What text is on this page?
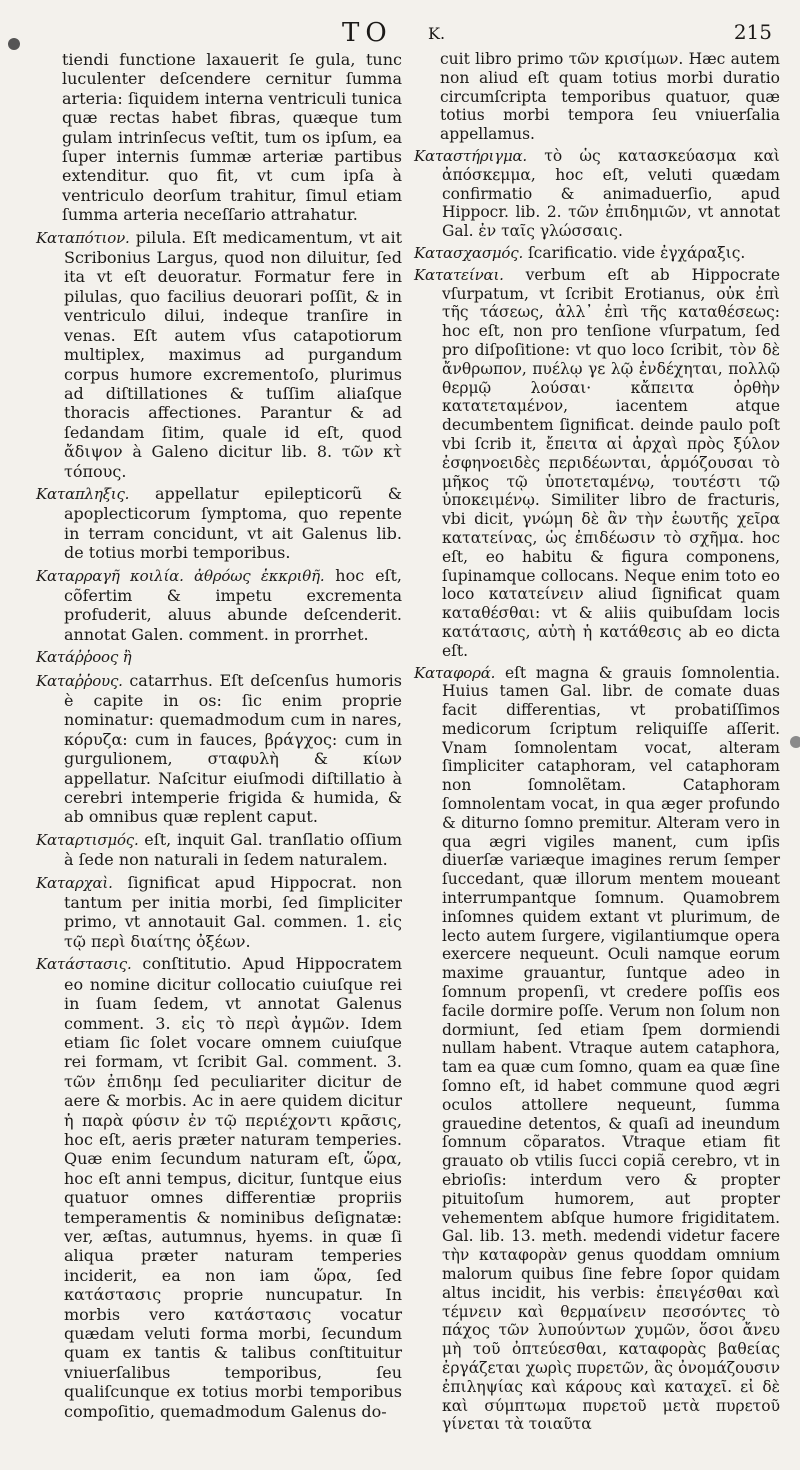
TO K.	215

tiendi functione laxauerit ſe gula, tunc luculenter deſcendere cernitur ſumma arteria: ſiquidem interna ventriculi tunica quæ rectas habet fibras, quæque tum gulam intrinſecus veſtit, tum os ipſum, ea ſuper internis ſummæ arteriæ partibus extenditur. quo fit, vt cum ipſa à ventriculo deorſum trahitur, ſimul etiam ſumma arteria neceſſario attrahatur.

Καταπότιον. pilula. Eſt medicamentum, vt ait Scribonius Largus, quod non diluitur, ſed ita vt eſt deuoratur. Formatur fere in pilulas, quo facilius deuorari poſſit, & in ventriculo dilui, indeque tranſire in venas. Eſt autem vſus catapotiorum multiplex, maximus ad purgandum corpus humore excrementoſo, plurimus ad diſtillationes & tuſſim aliaſque thoracis affectiones. Parantur & ad ſedandam ſitim, quale id eſt, quod ἄδιψον à Galeno dicitur lib. 8. τῶν κτ̀ τόπους.

Καταπληξις. appellatur epilepticorũ & apoplecticorum ſymptoma, quo repente in terram concidunt, vt ait Galenus lib. de totius morbi temporibus.

Καταρραγῆ κοιλία. ἀθρόως ἐκκριθῆ. hoc eſt, cõfertim & impetu excrementa profuderit, aluus abunde deſcenderit. annotat Galen. comment. in prorrhet.

Κατάῤῥοος ἢ

Καταῤῥους. catarrhus. Eſt deſcenſus humoris è capite in os: ſic enim proprie nominatur: quemadmodum cum in nares, κόρυζα: cum in fauces, βράγχος: cum in gurgulionem, σταφυλὴ & κίων appellatur. Naſcitur eiuſmodi diſtillatio à cerebri intemperie frigida & humida, & ab omnibus quæ replent caput.

Καταρτισμός. eſt, inquit Gal. tranſlatio oſſium à ſede non naturali in ſedem naturalem.

Καταρχαὶ. ſignificat apud Hippocrat. non tantum per initia morbi, ſed ſimpliciter primo, vt annotauit Gal. commen. 1. εἰς τῷ περὶ διαίτης ὀξέων.

Κατάστασις. conſtitutio. Apud Hippocratem eo nomine dicitur collocatio cuiuſque rei in ſuam ſedem, vt annotat Galenus comment. 3. εἰς τὸ περὶ ἀγμῶν. Idem etiam ſic ſolet vocare omnem cuiuſque rei formam, vt ſcribit Gal. comment. 3. τῶν ἐπιδημ ſed peculiariter dicitur de aere & morbis. Ac in aere quidem dicitur ἡ παρὰ φύσιν ἐν τῷ περιέχοντι κρᾶσις, hoc eſt, aeris præter naturam temperies. Quæ enim ſecundum naturam eſt, ὥρα, hoc eſt anni tempus, dicitur, ſuntque eius quatuor omnes differentiæ propriis temperamentis & nominibus deſignatæ: ver, æſtas, autumnus, hyems. in quæ ſi aliqua præter naturam temperies inciderit, ea non iam ὥρα, ſed κατάστασις proprie nuncupatur. In morbis vero κατάστασις vocatur quædam veluti forma morbi, ſecundum quam ex tantis & talibus conſtituitur vniuerſalibus temporibus, ſeu qualiſcunque ex totius morbi temporibus compoſitio, quemadmodum Galenus do-

cuit libro primo τῶν κρισίμων. Hæc autem non aliud eſt quam totius morbi duratio circumſcripta temporibus quatuor, quæ totius morbi tempora ſeu vniuerſalia appellamus.

Καταστήριγμα. τὸ ὡς κατασκεύασμα καὶ ἀπόσκεμμα, hoc eſt, veluti quædam confirmatio & animaduerſio, apud Hippocr. lib. 2. τῶν ἐπιδημιῶν, vt annotat Gal. ἐν ταῖς γλώσσαις.

Κατασχασμός. ſcarificatio. vide ἐγχάραξις.

Κατατείναι. verbum eſt ab Hippocrate vſurpatum, vt ſcribit Erotianus, οὐκ ἐπὶ τῆς τάσεως, ἀλλ᾽ ἐπὶ τῆς καταθέσεως: hoc eſt, non pro tenſione vſurpatum, ſed pro diſpoſitione: vt quo loco ſcribit, τὸν δὲ ἄνθρωπον, πυέλῳ γε λῷ ἐνδέχηται, πολλῷ θερμῷ λούσαι· κἄπειτα ὀρθὴν κατατεταμένον, iacentem atque decumbentem ſignificat. deinde paulo poſt vbi ſcrib it, ἔπειτα αἱ ἀρχαὶ πρὸς ξύλον ἐσφηνοειδὲς περιδέωνται, ἁρμόζουσαι τὸ μῆκος τῷ ὑποτεταμένῳ, τουτέστι τῷ ὑποκειμένῳ. Similiter libro de fracturis, vbi dicit, γνώμη δὲ ἂν τὴν ἑωυτῆς χεῖρα κατατείνας, ὡς ἐπιδέωσιν τὸ σχῆμα. hoc eſt, eo habitu & figura componens, ſupinamque collocans. Neque enim toto eo loco κατατείνειν aliud ſignificat quam καταθέσθαι: vt & aliis quibuſdam locis κατάτασις, αὐτὴ ἡ κατάθεσις ab eo dicta eſt.

Καταφορά. eſt magna & grauis ſomnolentia. Huius tamen Gal. libr. de comate duas facit differentias, vt probatiſſimos medicorum ſcriptum reliquiſſe aſſerit. Vnam ſomnolentam vocat, alteram ſimpliciter cataphoram, vel cataphoram non ſomnolẽtam. Cataphoram ſomnolentam vocat, in qua æger profundo & diturno ſomno premitur. Alteram vero in qua ægri vigiles manent, cum ipſis diuerſæ variæque imagines rerum ſemper ſuccedant, quæ illorum mentem moueant interrumpantque ſomnum. Quamobrem inſomnes quidem extant vt plurimum, de lecto autem ſurgere, vigilantiumque opera exercere nequeunt. Oculi namque eorum maxime grauantur, ſuntque adeo in ſomnum propenſi, vt credere poſſis eos facile dormire poſſe. Verum non ſolum non dormiunt, ſed etiam ſpem dormiendi nullam habent. Vtraque autem cataphora, tam ea quæ cum ſomno, quam ea quæ ſine ſomno eſt, id habet commune quod ægri oculos attollere nequeunt, ſumma grauedine detentos, & quaſi ad ineundum ſomnum cõparatos. Vtraque etiam fit grauato ob vtilis ſucci copiã cerebro, vt in ebrioſis: interdum vero & propter pituitoſum humorem, aut propter vehementem abſque humore frigiditatem. Gal. lib. 13. meth. medendi videtur facere τὴν καταφορὰν genus quoddam omnium malorum quibus ſine febre ſopor quidam altus incidit, his verbis: ἐπειγέσθαι καὶ τέμνειν καὶ θερμαίνειν πεσσόντες τὸ πάχος τῶν λυπούντων χυμῶν, ὅσοι ἄνευ μὴ τοῦ ὀπτεύεσθαι, καταφορὰς βαθείας ἐργάζεται χωρὶς πυρετῶν, ἃς ὀνομάζουσιν ἐπιληψίας καὶ κάρους καὶ καταχεῖ. εἰ δὲ καὶ σύμπτωμα πυρετοῦ μετὰ πυρετοῦ γίνεται τὰ τοιαῦτα
